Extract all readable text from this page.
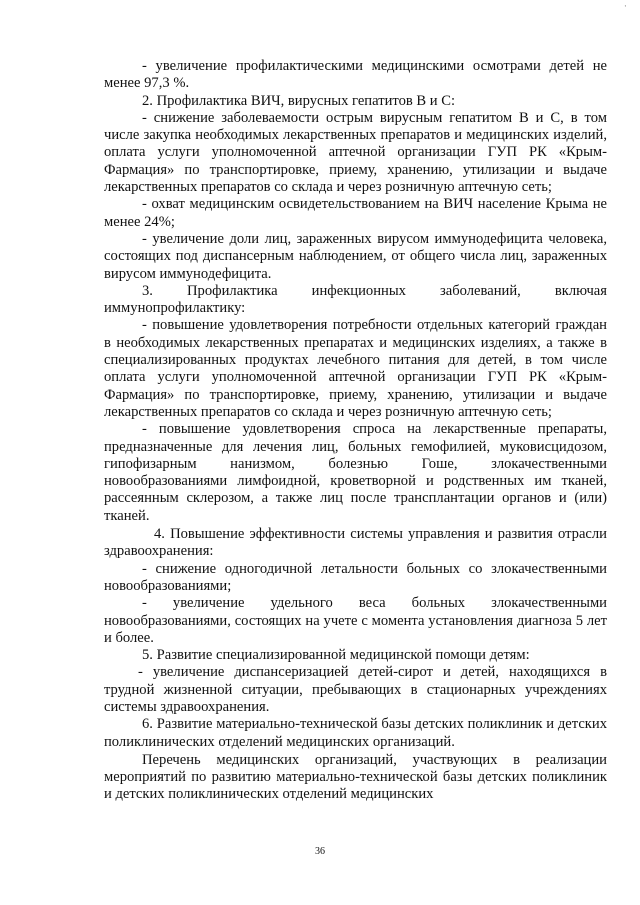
'

- увеличение профилактическими медицинскими осмотрами детей не менее 97,3 %.

2. Профилактика ВИЧ, вирусных гепатитов В и С:

- снижение заболеваемости острым вирусным гепатитом В и С, в том числе закупка необходимых лекарственных препаратов и медицинских изделий, оплата услуги уполномоченной аптечной организации ГУП РК «Крым-Фармация» по транспортировке, приему, хранению, утилизации и выдаче лекарственных препаратов со склада и через розничную аптечную сеть;

- охват медицинским освидетельствованием на ВИЧ население Крыма не менее 24%;

- увеличение доли лиц, зараженных вирусом иммунодефицита человека, состоящих под диспансерным наблюдением, от общего числа лиц, зараженных вирусом иммунодефицита.

3. Профилактика инфекционных заболеваний, включая иммунопрофилактику:

- повышение удовлетворения потребности отдельных категорий граждан в необходимых лекарственных препаратах и медицинских изделиях, а также в специализированных продуктах лечебного питания для детей, в том числе оплата услуги уполномоченной аптечной организации ГУП РК «Крым-Фармация» по транспортировке, приему, хранению, утилизации и выдаче лекарственных препаратов со склада и через розничную аптечную сеть;

- повышение удовлетворения спроса на лекарственные препараты, предназначенные для лечения лиц, больных гемофилией, муковисцидозом, гипофизарным нанизмом, болезнью Гоше, злокачественными новообразованиями лимфоидной, кроветворной и родственных им тканей, рассеянным склерозом, а также лиц после трансплантации органов и (или) тканей.

4. Повышение эффективности системы управления и развития отрасли здравоохранения:

- снижение одногодичной летальности больных со злокачественными новообразованиями;

- увеличение удельного веса больных злокачественными новообразованиями, состоящих на учете с момента установления диагноза 5 лет и более.

5. Развитие специализированной медицинской помощи детям:

- увеличение диспансеризацией детей-сирот и детей, находящихся в трудной жизненной ситуации, пребывающих в стационарных учреждениях системы здравоохранения.

6. Развитие материально-технической базы детских поликлиник и детских поликлинических отделений медицинских организаций.

Перечень медицинских организаций, участвующих в реализации мероприятий по развитию материально-технической базы детских поликлиник и детских поликлинических отделений медицинских

36
